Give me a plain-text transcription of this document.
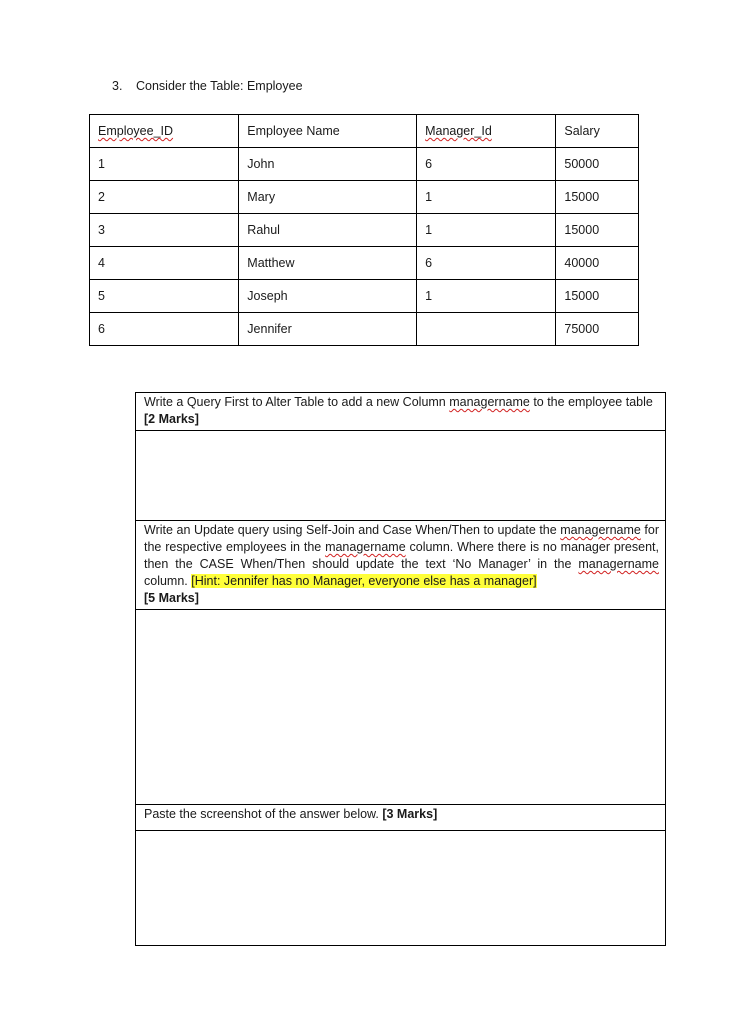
3. Consider the Table: Employee
Employee_ID	Employee Name	Manager_Id	Salary
1	John	6	50000
2	Mary	1	15000
3	Rahul	1	15000
4	Matthew	6	40000
5	Joseph	1	15000
6	Jennifer		75000
Write a Query First to Alter Table to add a new Column managername to the employee table [2 Marks]

Write an Update query using Self-Join and Case When/Then to update the managername for the respective employees in the managername column. Where there is no manager present, then the CASE When/Then should update the text ‘No Manager’ in the managername column. [Hint: Jennifer has no Manager, everyone else has a manager]
[5 Marks]

Paste the screenshot of the answer below. [3 Marks]
